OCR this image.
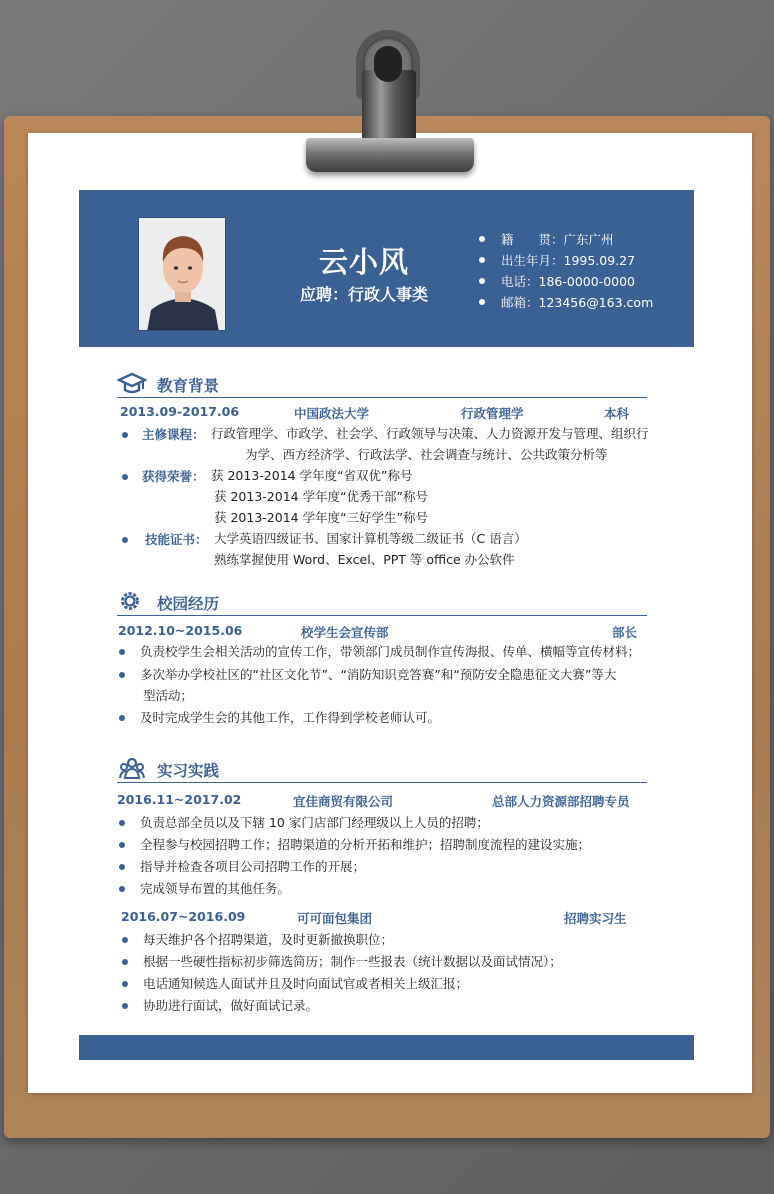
云小风
应聘：行政人事类
籍　　贯：广东广州
出生年月：1995.09.27
电话：186-0000-0000
邮箱：123456@163.com
教育背景
2013.09-2017.06	中国政法大学	行政管理学	本科
主修课程： 行政管理学、市政学、社会学、行政领导与决策、人力资源开发与管理、组织行
为学、西方经济学、行政法学、社会调查与统计、公共政策分析等
获得荣誉： 获 2013-2014 学年度“省双优”称号
获 2013-2014 学年度“优秀干部”称号
获 2013-2014 学年度“三好学生”称号
技能证书： 大学英语四级证书、国家计算机等级二级证书（C 语言）
熟练掌握使用 Word、Excel、PPT 等 office 办公软件
校园经历
2012.10~2015.06	校学生会宣传部	部长
负责校学生会相关活动的宣传工作，带领部门成员制作宣传海报、传单、横幅等宣传材料；
多次举办学校社区的“社区文化节”、“消防知识竞答赛”和“预防安全隐患征文大赛”等大
型活动；
及时完成学生会的其他工作，工作得到学校老师认可。
实习实践
2016.11~2017.02	宜佳商贸有限公司	总部人力资源部招聘专员
负责总部全员以及下辖 10 家门店部门经理级以上人员的招聘；
全程参与校园招聘工作；招聘渠道的分析开拓和维护；招聘制度流程的建设实施；
指导并检查各项目公司招聘工作的开展；
完成领导布置的其他任务。
2016.07~2016.09	可可面包集团	招聘实习生
每天维护各个招聘渠道，及时更新撤换职位；
根据一些硬性指标初步筛选简历；制作一些报表（统计数据以及面试情况）；
电话通知候选人面试并且及时向面试官或者相关上级汇报；
协助进行面试，做好面试记录。
